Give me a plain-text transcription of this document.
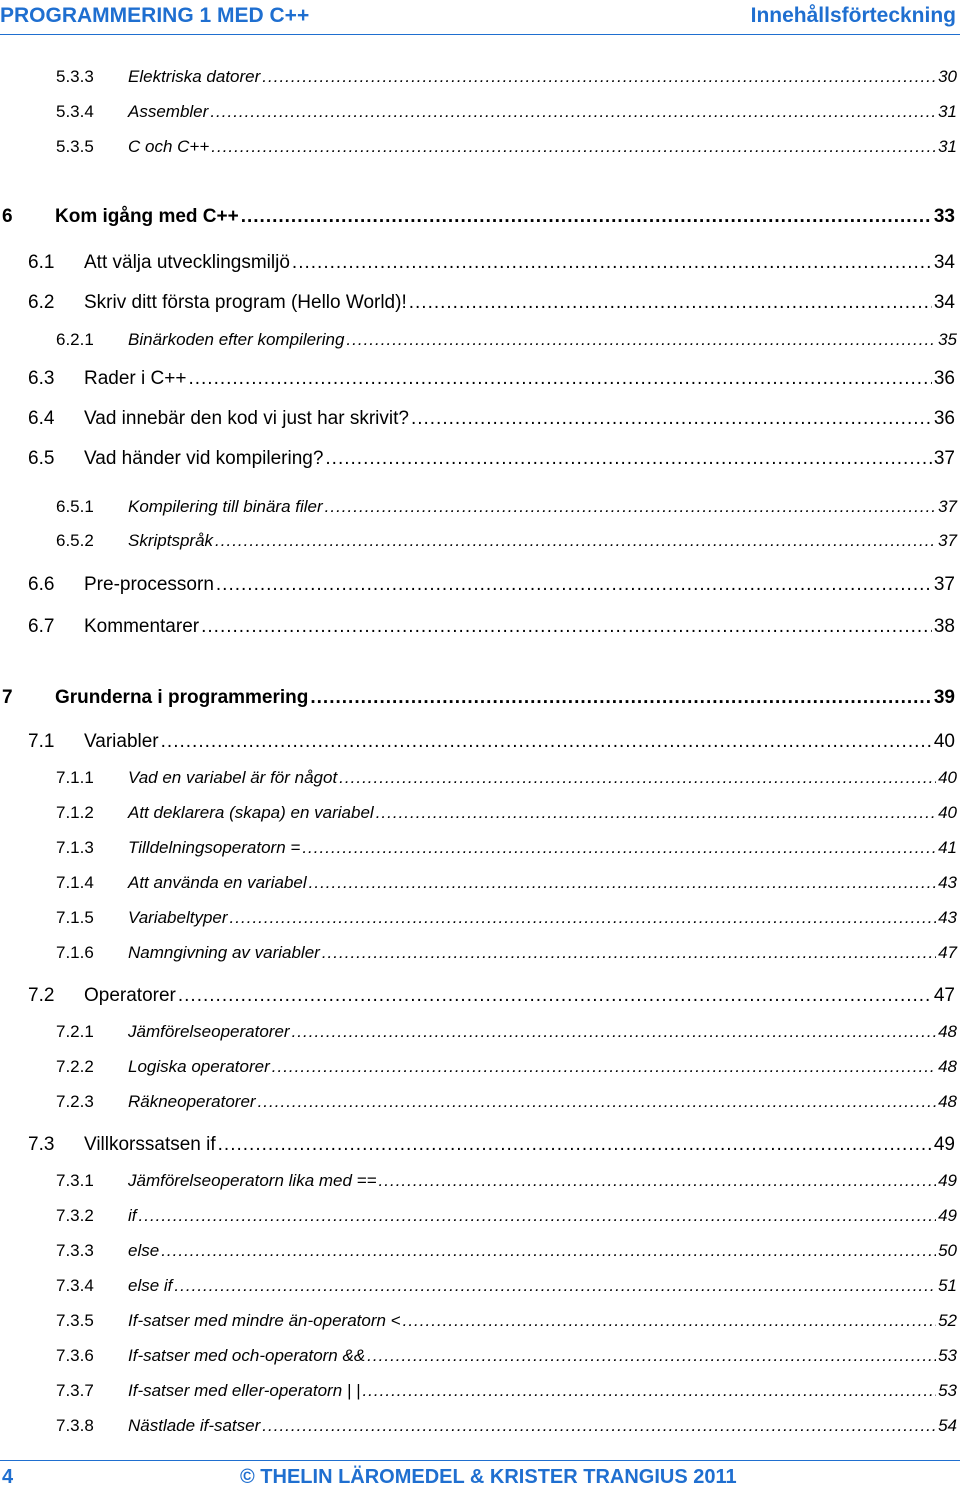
PROGRAMMERING 1 MED C++	Innehållsförteckning
5.3.3	Elektriska datorer .....	30
5.3.4	Assembler .....	31
5.3.5	C och C++ .....	31
6 Kom igång med C++ .....	33
6.1	Att välja utvecklingsmiljö .....	34
6.2	Skriv ditt första program (Hello World)! .....	34
6.2.1	Binärkoden efter kompilering .....	35
6.3	Rader i C++ .....	36
6.4	Vad innebär den kod vi just har skrivit? .....	36
6.5	Vad händer vid kompilering? .....	37
6.5.1	Kompilering till binära filer .....	37
6.5.2	Skriptspråk .....	37
6.6	Pre-processorn .....	37
6.7	Kommentarer .....	38
7 Grunderna i programmering .....	39
7.1	Variabler .....	40
7.1.1	Vad en variabel är för något .....	40
7.1.2	Att deklarera (skapa) en variabel .....	40
7.1.3	Tilldelningsoperatorn = .....	41
7.1.4	Att använda en variabel .....	43
7.1.5	Variabeltyper .....	43
7.1.6	Namngivning av variabler .....	47
7.2	Operatorer .....	47
7.2.1	Jämförelseoperatorer .....	48
7.2.2	Logiska operatorer .....	48
7.2.3	Räkneoperatorer .....	48
7.3	Villkorssatsen if .....	49
7.3.1	Jämförelseoperatorn lika med == .....	49
7.3.2	if .....	49
7.3.3	else .....	50
7.3.4	else if .....	51
7.3.5	If-satser med mindre än-operatorn < .....	52
7.3.6	If-satser med och-operatorn && .....	53
7.3.7	If-satser med eller-operatorn | | .....	53
7.3.8	Nästlade if-satser .....	54
4	© THELIN LÄROMEDEL & KRISTER TRANGIUS 2011
